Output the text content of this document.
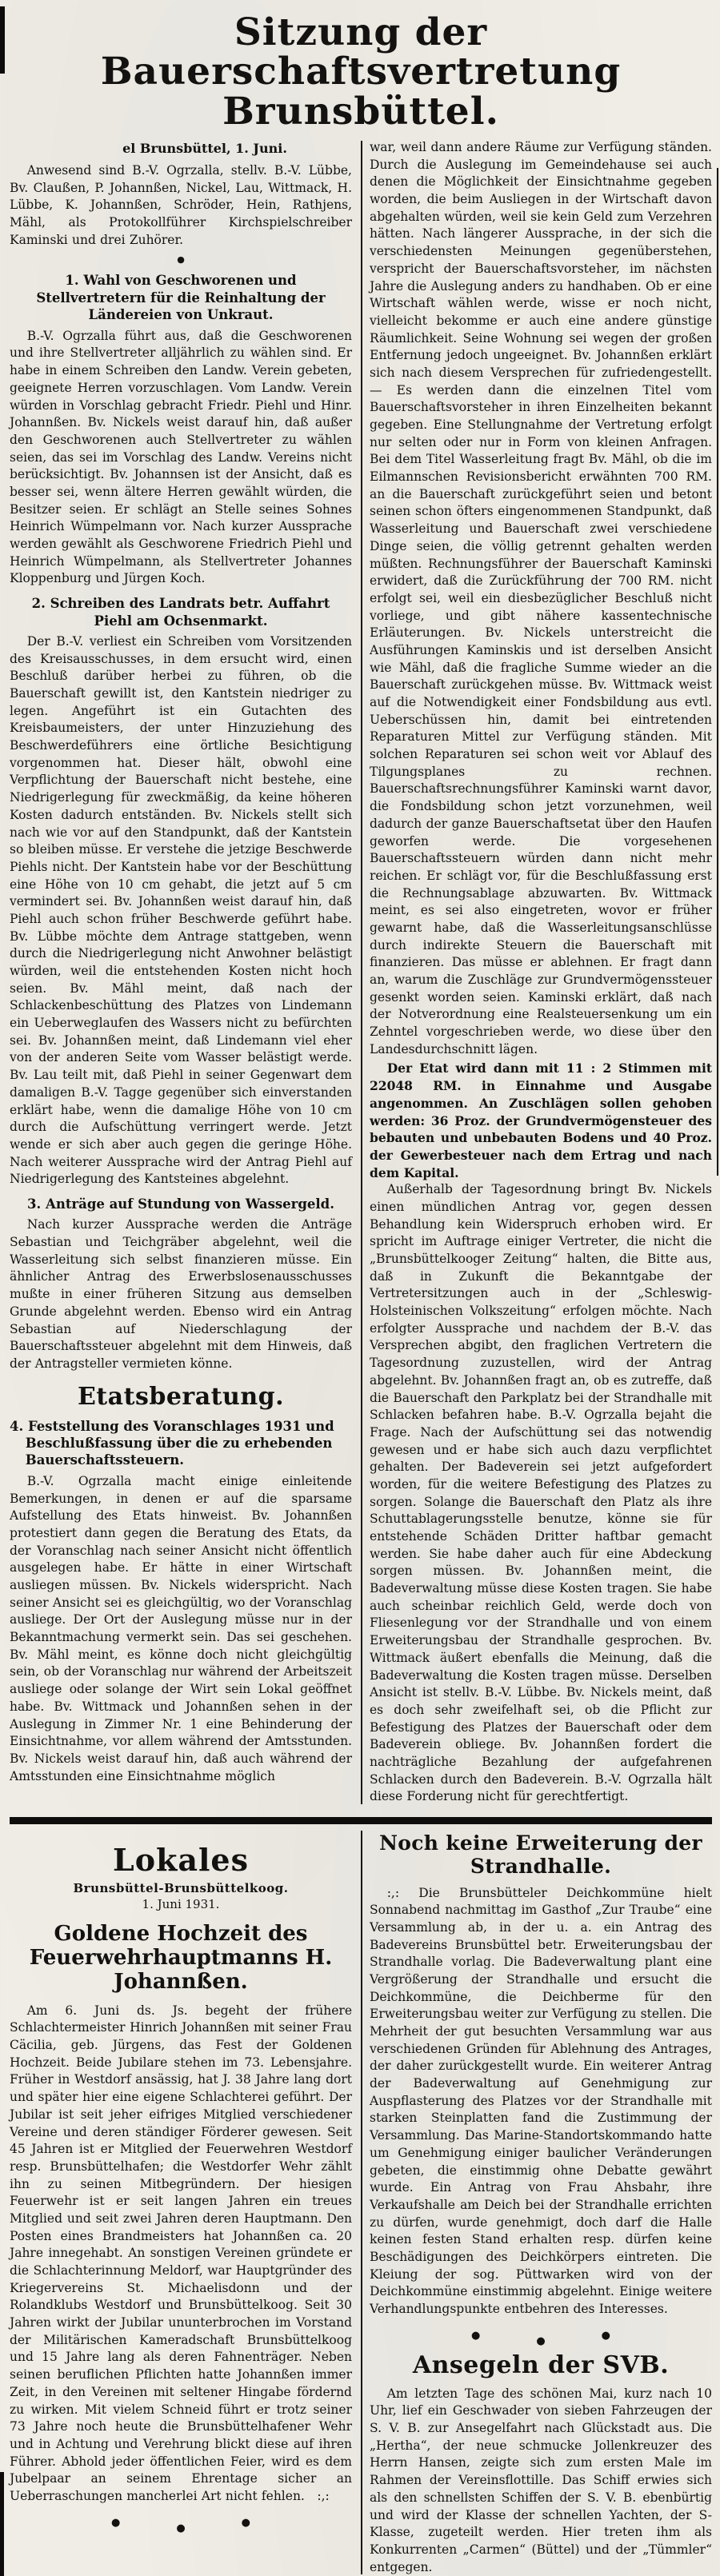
Sitzung der Bauerschaftsvertretung Brunsbüttel.
el Brunsbüttel, 1. Juni.
Anwesend sind B.-V. Ogrzalla, stellv. B.-V. Lübbe, Bv. Claußen, P. Johannßen, Nickel, Lau, Wittmack, H. Lübbe, K. Johannßen, Schröder, Hein, Rathjens, Mähl, als Protokollführer Kirchspielschreiber Kaminski und drei Zuhörer.
●
1. Wahl von Geschworenen und Stellvertretern für die Reinhaltung der Ländereien von Unkraut.
B.-V. Ogrzalla führt aus, daß die Geschworenen und ihre Stellvertreter alljährlich zu wählen sind. Er habe in einem Schreiben den Landw. Verein gebeten, geeignete Herren vorzuschlagen. Vom Landw. Verein würden in Vorschlag gebracht Friedr. Piehl und Hinr. Johannßen. Bv. Nickels weist darauf hin, daß außer den Geschworenen auch Stellvertreter zu wählen seien, das sei im Vorschlag des Landw. Vereins nicht berücksichtigt. Bv. Johannsen ist der Ansicht, daß es besser sei, wenn ältere Herren gewählt würden, die Besitzer seien. Er schlägt an Stelle seines Sohnes Heinrich Wümpelmann vor. Nach kurzer Aussprache werden gewählt als Geschworene Friedrich Piehl und Heinrich Wümpelmann, als Stellvertreter Johannes Kloppenburg und Jürgen Koch.
2. Schreiben des Landrats betr. Auffahrt Piehl am Ochsenmarkt.
Der B.-V. verliest ein Schreiben vom Vorsitzenden des Kreisausschusses, in dem ersucht wird, einen Beschluß darüber herbei zu führen, ob die Bauerschaft gewillt ist, den Kantstein niedriger zu legen. Angeführt ist ein Gutachten des Kreisbaumeisters, der unter Hinzuziehung des Beschwerdeführers eine örtliche Besichtigung vorgenommen hat. Dieser hält, obwohl eine Verpflichtung der Bauerschaft nicht bestehe, eine Niedrigerlegung für zweckmäßig, da keine höheren Kosten dadurch entständen. Bv. Nickels stellt sich nach wie vor auf den Standpunkt, daß der Kantstein so bleiben müsse. Er verstehe die jetzige Beschwerde Piehls nicht. Der Kantstein habe vor der Beschüttung eine Höhe von 10 cm gehabt, die jetzt auf 5 cm vermindert sei. Bv. Johannßen weist darauf hin, daß Piehl auch schon früher Beschwerde geführt habe. Bv. Lübbe möchte dem Antrage stattgeben, wenn durch die Niedrigerlegung nicht Anwohner belästigt würden, weil die entstehenden Kosten nicht hoch seien. Bv. Mähl meint, daß nach der Schlackenbeschüttung des Platzes von Lindemann ein Ueberweglaufen des Wassers nicht zu befürchten sei. Bv. Johannßen meint, daß Lindemann viel eher von der anderen Seite vom Wasser belästigt werde. Bv. Lau teilt mit, daß Piehl in seiner Gegenwart dem damaligen B.-V. Tagge gegenüber sich einverstanden erklärt habe, wenn die damalige Höhe von 10 cm durch die Aufschüttung verringert werde. Jetzt wende er sich aber auch gegen die geringe Höhe. Nach weiterer Aussprache wird der Antrag Piehl auf Niedrigerlegung des Kantsteines abgelehnt.
3. Anträge auf Stundung von Wassergeld.
Nach kurzer Aussprache werden die Anträge Sebastian und Teichgräber abgelehnt, weil die Wasserleitung sich selbst finanzieren müsse. Ein ähnlicher Antrag des Erwerbslosenausschusses mußte in einer früheren Sitzung aus demselben Grunde abgelehnt werden. Ebenso wird ein Antrag Sebastian auf Niederschlagung der Bauerschaftssteuer abgelehnt mit dem Hinweis, daß der Antragsteller vermieten könne.
Etatsberatung.
4. Feststellung des Voranschlages 1931 und Beschlußfassung über die zu erhebenden Bauerschaftssteuern.
B.-V. Ogrzalla macht einige einleitende Bemerkungen, in denen er auf die sparsame Aufstellung des Etats hinweist. Bv. Johannßen protestiert dann gegen die Beratung des Etats, da der Voranschlag nach seiner Ansicht nicht öffentlich ausgelegen habe. Er hätte in einer Wirtschaft ausliegen müssen. Bv. Nickels widerspricht. Nach seiner Ansicht sei es gleichgültig, wo der Voranschlag ausliege. Der Ort der Auslegung müsse nur in der Bekanntmachung vermerkt sein. Das sei geschehen. Bv. Mähl meint, es könne doch nicht gleichgültig sein, ob der Voranschlag nur während der Arbeitszeit ausliege oder solange der Wirt sein Lokal geöffnet habe. Bv. Wittmack und Johannßen sehen in der Auslegung in Zimmer Nr. 1 eine Behinderung der Einsichtnahme, vor allem während der Amtsstunden. Bv. Nickels weist darauf hin, daß auch während der Amtsstunden eine Einsichtnahme möglich
war, weil dann andere Räume zur Verfügung ständen. Durch die Auslegung im Gemeindehause sei auch denen die Möglichkeit der Einsichtnahme gegeben worden, die beim Ausliegen in der Wirtschaft davon abgehalten würden, weil sie kein Geld zum Verzehren hätten. Nach längerer Aussprache, in der sich die verschiedensten Meinungen gegenüberstehen, verspricht der Bauerschaftsvorsteher, im nächsten Jahre die Auslegung anders zu handhaben. Ob er eine Wirtschaft wählen werde, wisse er noch nicht, vielleicht bekomme er auch eine andere günstige Räumlichkeit. Seine Wohnung sei wegen der großen Entfernung jedoch ungeeignet. Bv. Johannßen erklärt sich nach diesem Versprechen für zufriedengestellt. — Es werden dann die einzelnen Titel vom Bauerschaftsvorsteher in ihren Einzelheiten bekannt gegeben. Eine Stellungnahme der Vertretung erfolgt nur selten oder nur in Form von kleinen Anfragen. Bei dem Titel Wasserleitung fragt Bv. Mähl, ob die im Eilmannschen Revisionsbericht erwähnten 700 RM. an die Bauerschaft zurückgeführt seien und betont seinen schon öfters eingenommenen Standpunkt, daß Wasserleitung und Bauerschaft zwei verschiedene Dinge seien, die völlig getrennt gehalten werden müßten. Rechnungsführer der Bauerschaft Kaminski erwidert, daß die Zurückführung der 700 RM. nicht erfolgt sei, weil ein diesbezüglicher Beschluß nicht vorliege, und gibt nähere kassentechnische Erläuterungen. Bv. Nickels unterstreicht die Ausführungen Kaminskis und ist derselben Ansicht wie Mähl, daß die fragliche Summe wieder an die Bauerschaft zurückgehen müsse. Bv. Wittmack weist auf die Notwendigkeit einer Fondsbildung aus evtl. Ueberschüssen hin, damit bei eintretenden Reparaturen Mittel zur Verfügung ständen. Mit solchen Reparaturen sei schon weit vor Ablauf des Tilgungsplanes zu rechnen. Bauerschaftsrechnungsführer Kaminski warnt davor, die Fondsbildung schon jetzt vorzunehmen, weil dadurch der ganze Bauerschaftsetat über den Haufen geworfen werde. Die vorgesehenen Bauerschaftssteuern würden dann nicht mehr reichen. Er schlägt vor, für die Beschlußfassung erst die Rechnungsablage abzuwarten. Bv. Wittmack meint, es sei also eingetreten, wovor er früher gewarnt habe, daß die Wasserleitungsanschlüsse durch indirekte Steuern die Bauerschaft mit finanzieren. Das müsse er ablehnen. Er fragt dann an, warum die Zuschläge zur Grundvermögenssteuer gesenkt worden seien. Kaminski erklärt, daß nach der Notverordnung eine Realsteuersenkung um ein Zehntel vorgeschrieben werde, wo diese über den Landesdurchschnitt lägen.
Der Etat wird dann mit 11 : 2 Stimmen mit 22048 RM. in Einnahme und Ausgabe angenommen. An Zuschlägen sollen gehoben werden: 36 Proz. der Grundvermögensteuer des bebauten und unbebauten Bodens und 40 Proz. der Gewerbesteuer nach dem Ertrag und nach dem Kapital.
Außerhalb der Tagesordnung bringt Bv. Nickels einen mündlichen Antrag vor, gegen dessen Behandlung kein Widerspruch erhoben wird. Er spricht im Auftrage einiger Vertreter, die nicht die „Brunsbüttelkooger Zeitung“ halten, die Bitte aus, daß in Zukunft die Bekanntgabe der Vertretersitzungen auch in der „Schleswig-Holsteinischen Volkszeitung“ erfolgen möchte. Nach erfolgter Aussprache und nachdem der B.-V. das Versprechen abgibt, den fraglichen Vertretern die Tagesordnung zuzustellen, wird der Antrag abgelehnt. Bv. Johannßen fragt an, ob es zutreffe, daß die Bauerschaft den Parkplatz bei der Strandhalle mit Schlacken befahren habe. B.-V. Ogrzalla bejaht die Frage. Nach der Aufschüttung sei das notwendig gewesen und er habe sich auch dazu verpflichtet gehalten. Der Badeverein sei jetzt aufgefordert worden, für die weitere Befestigung des Platzes zu sorgen. Solange die Bauerschaft den Platz als ihre Schuttablagerungsstelle benutze, könne sie für entstehende Schäden Dritter haftbar gemacht werden. Sie habe daher auch für eine Abdeckung sorgen müssen. Bv. Johannßen meint, die Badeverwaltung müsse diese Kosten tragen. Sie habe auch scheinbar reichlich Geld, werde doch von Fliesenlegung vor der Strandhalle und von einem Erweiterungsbau der Strandhalle gesprochen. Bv. Wittmack äußert ebenfalls die Meinung, daß die Badeverwaltung die Kosten tragen müsse. Derselben Ansicht ist stellv. B.-V. Lübbe. Bv. Nickels meint, daß es doch sehr zweifelhaft sei, ob die Pflicht zur Befestigung des Platzes der Bauerschaft oder dem Badeverein obliege. Bv. Johannßen fordert die nachträgliche Bezahlung der aufgefahrenen Schlacken durch den Badeverein. B.-V. Ogrzalla hält diese Forderung nicht für gerechtfertigt.
Lokales
Brunsbüttel-Brunsbüttelkoog.
1. Juni 1931.
Goldene Hochzeit des Feuerwehrhauptmanns H. Johannßen.
Am 6. Juni ds. Js. begeht der frühere Schlachtermeister Hinrich Johannßen mit seiner Frau Cäcilia, geb. Jürgens, das Fest der Goldenen Hochzeit. Beide Jubilare stehen im 73. Lebensjahre. Früher in Westdorf ansässig, hat J. 38 Jahre lang dort und später hier eine eigene Schlachterei geführt. Der Jubilar ist seit jeher eifriges Mitglied verschiedener Vereine und deren ständiger Förderer gewesen. Seit 45 Jahren ist er Mitglied der Feuerwehren Westdorf resp. Brunsbüttelhafen; die Westdorfer Wehr zählt ihn zu seinen Mitbegründern. Der hiesigen Feuerwehr ist er seit langen Jahren ein treues Mitglied und seit zwei Jahren deren Hauptmann. Den Posten eines Brandmeisters hat Johannßen ca. 20 Jahre innegehabt. An sonstigen Vereinen gründete er die Schlachterinnung Meldorf, war Hauptgründer des Kriegervereins St. Michaelisdonn und der Rolandklubs Westdorf und Brunsbüttelkoog. Seit 30 Jahren wirkt der Jubilar ununterbrochen im Vorstand der Militärischen Kameradschaft Brunsbüttelkoog und 15 Jahre lang als deren Fahnenträger. Neben seinen beruflichen Pflichten hatte Johannßen immer Zeit, in den Vereinen mit seltener Hingabe fördernd zu wirken. Mit vielem Schneid führt er trotz seiner 73 Jahre noch heute die Brunsbüttelhafener Wehr und in Achtung und Verehrung blickt diese auf ihren Führer. Abhold jeder öffentlichen Feier, wird es dem Jubelpaar an seinem Ehrentage sicher an Ueberraschungen mancherlei Art nicht fehlen. :,:
●	●	●
Noch keine Erweiterung der Strandhalle.
:,: Die Brunsbütteler Deichkommüne hielt Sonnabend nachmittag im Gasthof „Zur Traube“ eine Versammlung ab, in der u. a. ein Antrag des Badevereins Brunsbüttel betr. Erweiterungsbau der Strandhalle vorlag. Die Badeverwaltung plant eine Vergrößerung der Strandhalle und ersucht die Deichkommüne, die Deichberme für den Erweiterungsbau weiter zur Verfügung zu stellen. Die Mehrheit der gut besuchten Versammlung war aus verschiedenen Gründen für Ablehnung des Antrages, der daher zurückgestellt wurde. Ein weiterer Antrag der Badeverwaltung auf Genehmigung zur Auspflasterung des Platzes vor der Strandhalle mit starken Steinplatten fand die Zustimmung der Versammlung. Das Marine-Standortskommando hatte um Genehmigung einiger baulicher Veränderungen gebeten, die einstimmig ohne Debatte gewährt wurde. Ein Antrag von Frau Ahsbahr, ihre Verkaufshalle am Deich bei der Strandhalle errichten zu dürfen, wurde genehmigt, doch darf die Halle keinen festen Stand erhalten resp. dürfen keine Beschädigungen des Deichkörpers eintreten. Die Kleiung der sog. Püttwarken wird von der Deichkommüne einstimmig abgelehnt. Einige weitere Verhandlungspunkte entbehren des Interesses.
●	●	●
Ansegeln der SVB.
Am letzten Tage des schönen Mai, kurz nach 10 Uhr, lief ein Geschwader von sieben Fahrzeugen der S. V. B. zur Ansegelfahrt nach Glückstadt aus. Die „Hertha“, der neue schmucke Jollenkreuzer des Herrn Hansen, zeigte sich zum ersten Male im Rahmen der Vereinsflottille. Das Schiff erwies sich als den schnellsten Schiffen der S. V. B. ebenbürtig und wird der Klasse der schnellen Yachten, der S-Klasse, zugeteilt werden. Hier treten ihm als Konkurrenten „Carmen“ (Büttel) und der „Tümmler“ entgegen.
